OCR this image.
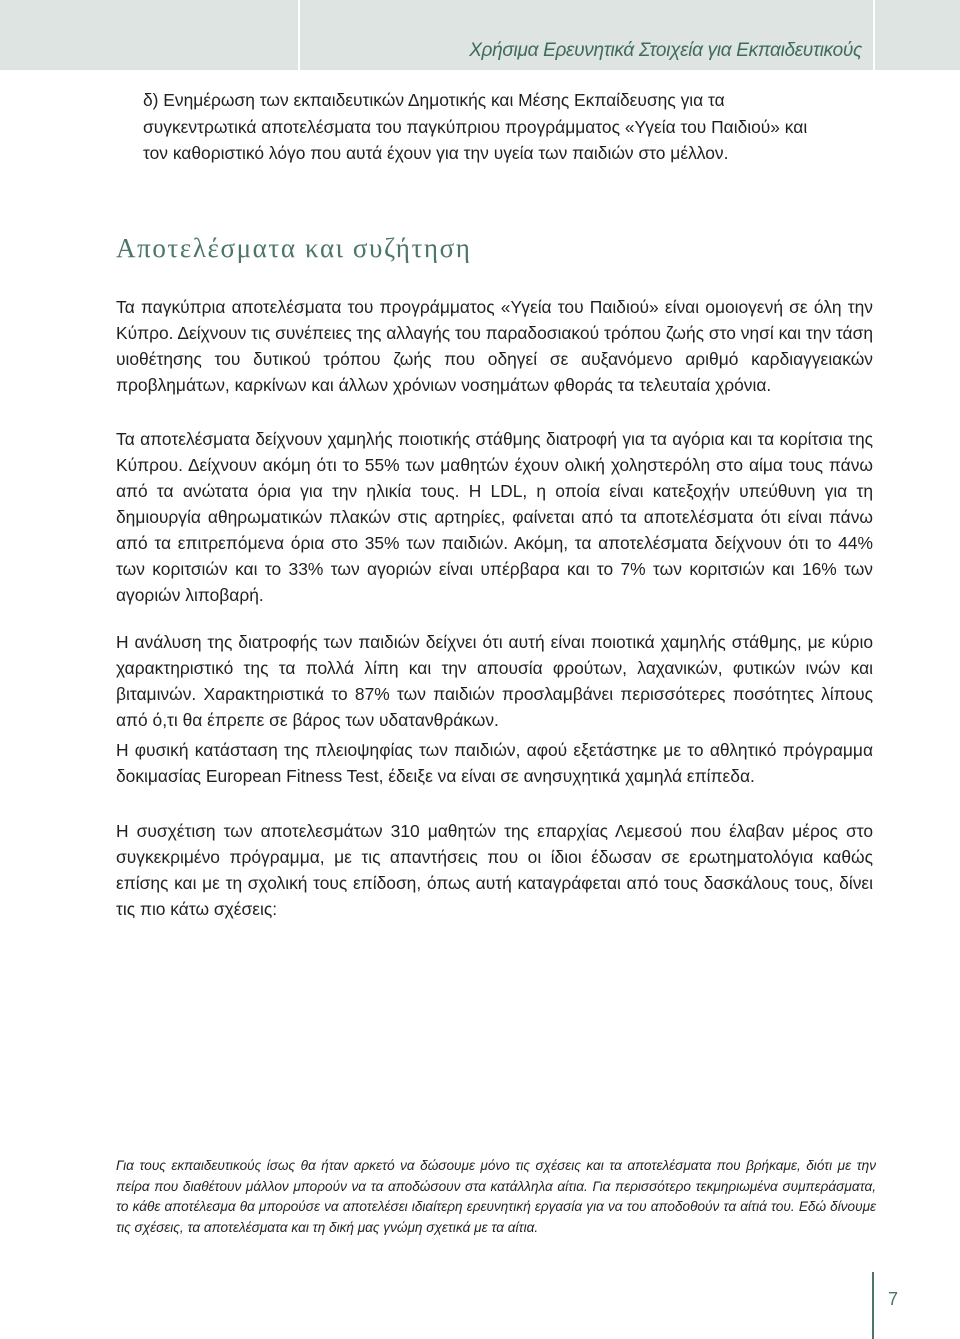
Χρήσιμα Ερευνητικά Στοιχεία για Εκπαιδευτικούς
δ) Ενημέρωση των εκπαιδευτικών Δημοτικής και Μέσης Εκπαίδευσης για τα συγκεντρωτικά αποτελέσματα του παγκύπριου προγράμματος «Υγεία του Παιδιού» και τον καθοριστικό λόγο που αυτά έχουν για την υγεία των παιδιών στο μέλλον.
Αποτελέσματα και συζήτηση
Τα παγκύπρια αποτελέσματα του προγράμματος «Υγεία του Παιδιού» είναι ομοιογενή σε όλη την Κύπρο. Δείχνουν τις συνέπειες της αλλαγής του παραδοσιακού τρόπου ζωής στο νησί και την τάση υιοθέτησης του δυτικού τρόπου ζωής που οδηγεί σε αυξανόμενο αριθμό καρδιαγγειακών προβλημάτων, καρκίνων και άλλων χρόνιων νοσημάτων φθοράς τα τελευταία χρόνια.
Τα αποτελέσματα δείχνουν χαμηλής ποιοτικής στάθμης διατροφή για τα αγόρια και τα κορίτσια της Κύπρου. Δείχνουν ακόμη ότι το 55% των μαθητών έχουν ολική χοληστερόλη στο αίμα τους πάνω από τα ανώτατα όρια για την ηλικία τους. Η LDL, η οποία είναι κατεξοχήν υπεύθυνη για τη δημιουργία αθηρωματικών πλακών στις αρτηρίες, φαίνεται από τα αποτελέσματα ότι είναι πάνω από τα επιτρεπόμενα όρια στο 35% των παιδιών. Ακόμη, τα αποτελέσματα δείχνουν ότι το 44% των κοριτσιών και το 33% των αγοριών είναι υπέρβαρα και το 7% των κοριτσιών και 16% των αγοριών λιποβαρή.
Η ανάλυση της διατροφής των παιδιών δείχνει ότι αυτή είναι ποιοτικά χαμηλής στάθμης, με κύριο χαρακτηριστικό της τα πολλά λίπη και την απουσία φρούτων, λαχανικών, φυτικών ινών και βιταμινών. Χαρακτηριστικά το 87% των παιδιών προσλαμβάνει περισσότερες ποσότητες λίπους από ό,τι θα έπρεπε σε βάρος των υδατανθράκων.
Η φυσική κατάσταση της πλειοψηφίας των παιδιών, αφού εξετάστηκε με το αθλητικό πρόγραμμα δοκιμασίας European Fitness Test, έδειξε να είναι σε ανησυχητικά χαμηλά επίπεδα.
Η συσχέτιση των αποτελεσμάτων 310 μαθητών της επαρχίας Λεμεσού που έλαβαν μέρος στο συγκεκριμένο πρόγραμμα, με τις απαντήσεις που οι ίδιοι έδωσαν σε ερωτηματολόγια καθώς επίσης και με τη σχολική τους επίδοση, όπως αυτή καταγράφεται από τους δασκάλους τους, δίνει τις πιο κάτω σχέσεις:
Για τους εκπαιδευτικούς ίσως θα ήταν αρκετό να δώσουμε μόνο τις σχέσεις και τα αποτελέσματα που βρήκαμε, διότι με την πείρα που διαθέτουν μάλλον μπορούν να τα αποδώσουν στα κατάλληλα αίτια. Για περισσότερο τεκμηριωμένα συμπεράσματα, το κάθε αποτέλεσμα θα μπορούσε να αποτελέσει ιδιαίτερη ερευνητική εργασία για να του αποδοθούν τα αίτιά του. Εδώ δίνουμε τις σχέσεις, τα αποτελέσματα και τη δική μας γνώμη σχετικά με τα αίτια.
7
